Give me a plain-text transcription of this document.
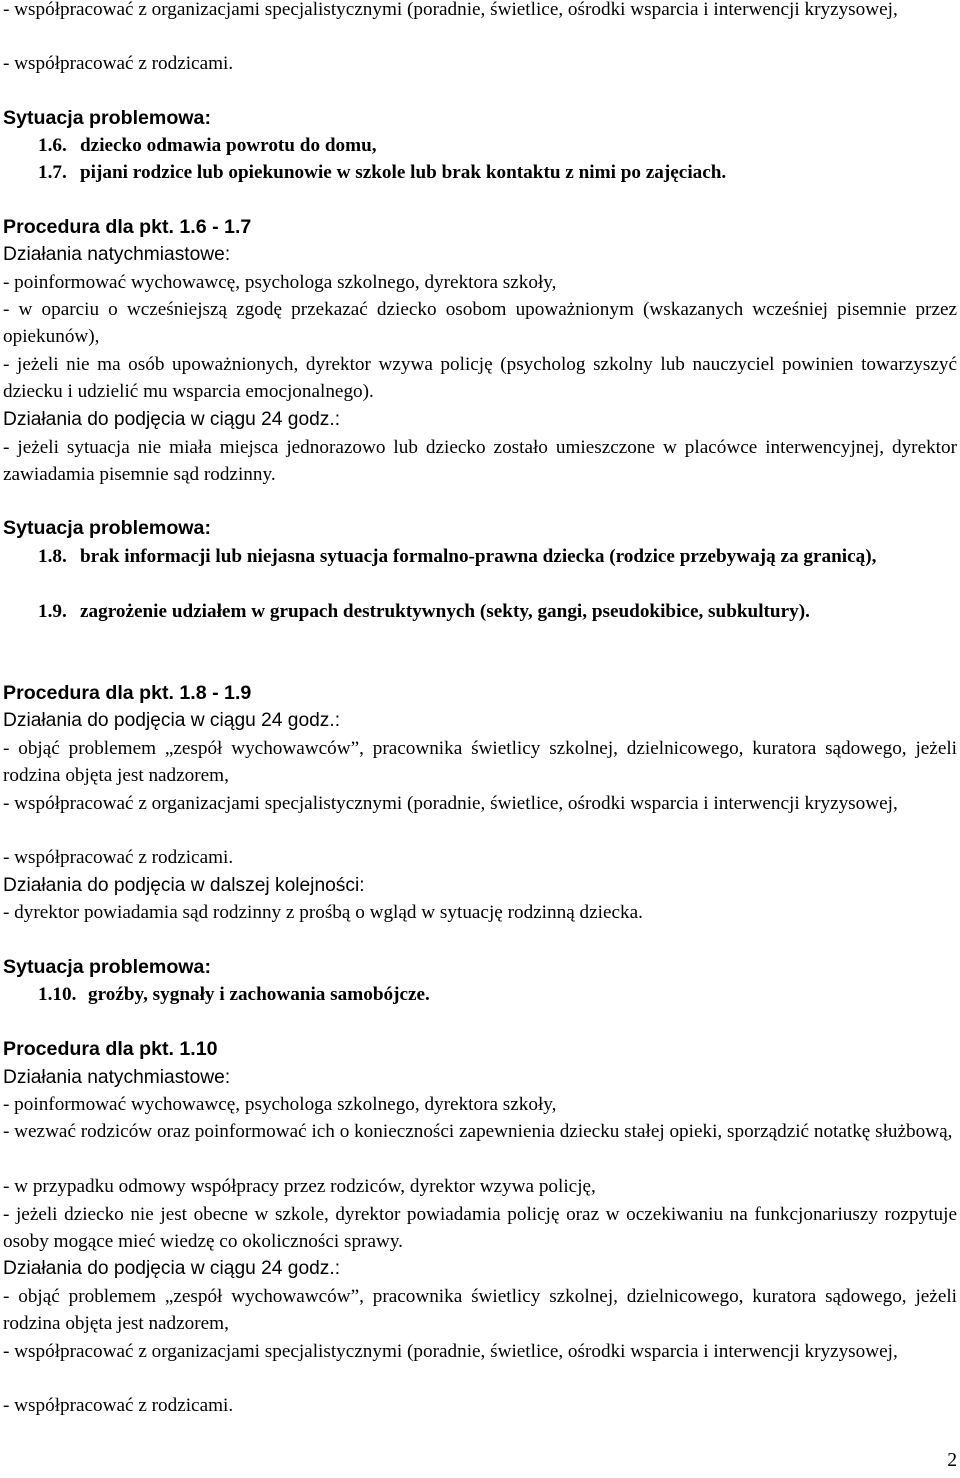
- współpracować z organizacjami specjalistycznymi (poradnie, świetlice, ośrodki wsparcia i interwencji kryzysowej,
- współpracować z rodzicami.
Sytuacja problemowa:
1.6. dziecko odmawia powrotu do domu,
1.7. pijani rodzice lub opiekunowie w szkole lub brak kontaktu z nimi po zajęciach.
Procedura dla pkt. 1.6 - 1.7
Działania natychmiastowe:
- poinformować wychowawcę, psychologa szkolnego, dyrektora szkoły,
- w oparciu o wcześniejszą zgodę przekazać dziecko osobom upoważnionym (wskazanych wcześniej pisemnie przez opiekunów),
- jeżeli nie ma osób upoważnionych, dyrektor wzywa policję (psycholog szkolny lub nauczyciel powinien towarzyszyć dziecku i udzielić mu wsparcia emocjonalnego).
Działania do podjęcia w ciągu 24 godz.:
- jeżeli sytuacja nie miała miejsca jednorazowo lub dziecko zostało umieszczone w placówce interwencyjnej, dyrektor zawiadamia pisemnie sąd rodzinny.
Sytuacja problemowa:
1.8. brak informacji lub niejasna sytuacja formalno-prawna dziecka (rodzice przebywają za granicą),
1.9. zagrożenie udziałem w grupach destruktywnych (sekty, gangi, pseudokibice, subkultury).
Procedura dla pkt. 1.8 - 1.9
Działania do podjęcia w ciągu 24 godz.:
- objąć problemem „zespół wychowawców”, pracownika świetlicy szkolnej, dzielnicowego, kuratora sądowego, jeżeli rodzina objęta jest nadzorem,
- współpracować z organizacjami specjalistycznymi (poradnie, świetlice, ośrodki wsparcia i interwencji kryzysowej,
- współpracować z rodzicami.
Działania do podjęcia w dalszej kolejności:
- dyrektor powiadamia sąd rodzinny z prośbą o wgląd w sytuację rodzinną dziecka.
Sytuacja problemowa:
1.10. groźby, sygnały i zachowania samobójcze.
Procedura dla pkt. 1.10
Działania natychmiastowe:
- poinformować wychowawcę, psychologa szkolnego, dyrektora szkoły,
- wezwać rodziców oraz poinformować ich o konieczności zapewnienia dziecku stałej opieki, sporządzić notatkę służbową,
- w przypadku odmowy współpracy przez rodziców, dyrektor wzywa policję,
- jeżeli dziecko nie jest obecne w szkole, dyrektor powiadamia policję oraz w oczekiwaniu na funkcjonariuszy rozpytuje osoby mogące mieć wiedzę co okoliczności sprawy.
Działania do podjęcia w ciągu 24 godz.:
- objąć problemem „zespół wychowawców”, pracownika świetlicy szkolnej, dzielnicowego, kuratora sądowego, jeżeli rodzina objęta jest nadzorem,
- współpracować z organizacjami specjalistycznymi (poradnie, świetlice, ośrodki wsparcia i interwencji kryzysowej,
- współpracować z rodzicami.
2
